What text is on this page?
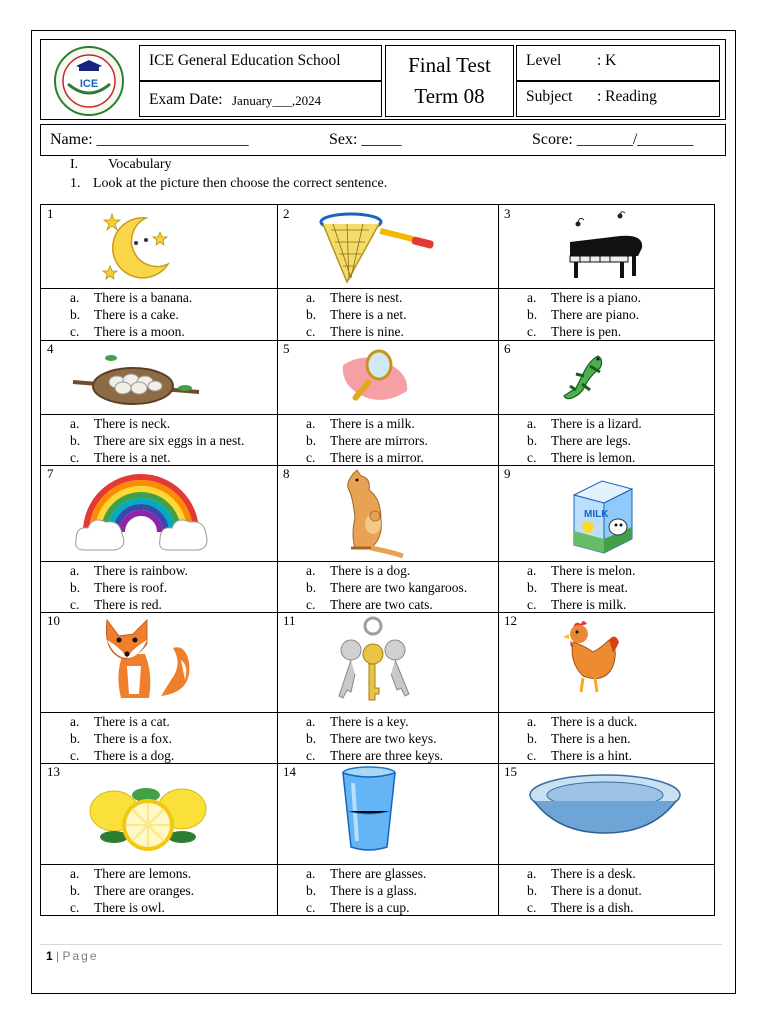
ICE
ICE General Education School
Exam Date: January___,2024
Final Test
Term 08
Level : K
Subject : Reading
Name: ___________________	Sex: _____	Score: _______/_______
I. Vocabulary
1. Look at the picture then choose the correct sentence.
1
a. There is a banana.
b. There is a cake.
c. There is a moon.
2
a. There is nest.
b. There is a net.
c. There is nine.
3
a. There is a piano.
b. There are piano.
c. There is pen.
4
a. There is neck.
b. There are six eggs in a nest.
c. There is a net.
5
a. There is a milk.
b. There are mirrors.
c. There is a mirror.
6
a. There is a lizard.
b. There are legs.
c. There is lemon.
7
a. There is rainbow.
b. There is roof.
c. There is red.
8
a. There is a dog.
b. There are two kangaroos.
c. There are two cats.
9
MILK
a. There is melon.
b. There is meat.
c. There is milk.
10
a. There is a cat.
b. There is a fox.
c. There is a dog.
11
a. There is a key.
b. There are two keys.
c. There are three keys.
12
a. There is a duck.
b. There is a hen.
c. There is a hint.
13
a. There are lemons.
b. There are oranges.
c. There is owl.
14
a. There are glasses.
b. There is a glass.
c. There is a cup.
15
a. There is a desk.
b. There is a donut.
c. There is a dish.
1 | Page
